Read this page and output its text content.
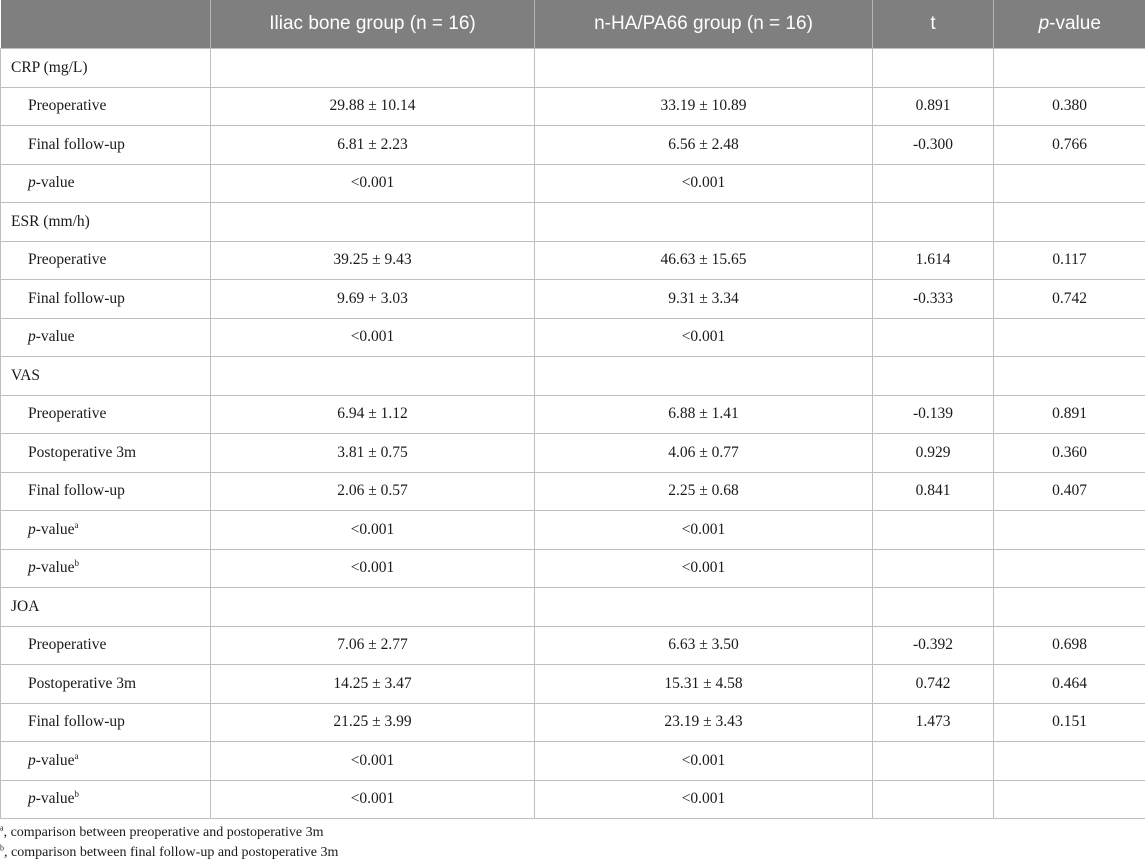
	Iliac bone group (n = 16)	n-HA/PA66 group (n = 16)	t	p-value
CRP (mg/L)				
Preoperative	29.88 ± 10.14	33.19 ± 10.89	0.891	0.380
Final follow-up	6.81 ± 2.23	6.56 ± 2.48	-0.300	0.766
p-value	<0.001	<0.001		
ESR (mm/h)				
Preoperative	39.25 ± 9.43	46.63 ± 15.65	1.614	0.117
Final follow-up	9.69 + 3.03	9.31 ± 3.34	-0.333	0.742
p-value	<0.001	<0.001		
VAS				
Preoperative	6.94 ± 1.12	6.88 ± 1.41	-0.139	0.891
Postoperative 3m	3.81 ± 0.75	4.06 ± 0.77	0.929	0.360
Final follow-up	2.06 ± 0.57	2.25 ± 0.68	0.841	0.407
p-value$^a$	<0.001	<0.001		
p-value$^b$	<0.001	<0.001		
JOA				
Preoperative	7.06 ± 2.77	6.63 ± 3.50	-0.392	0.698
Postoperative 3m	14.25 ± 3.47	15.31 ± 4.58	0.742	0.464
Final follow-up	21.25 ± 3.99	23.19 ± 3.43	1.473	0.151
p-value$^a$	<0.001	<0.001		
p-value$^b$	<0.001	<0.001		
$^a$, comparison between preoperative and postoperative 3m
$^b$, comparison between final follow-up and postoperative 3m
